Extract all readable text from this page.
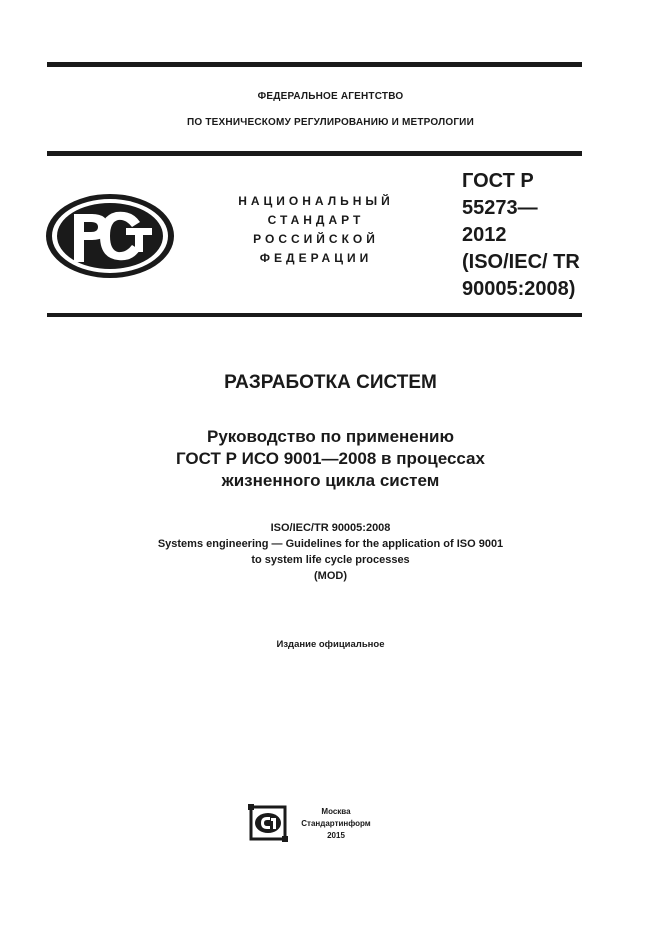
ФЕДЕРАЛЬНОЕ АГЕНТСТВО
ПО ТЕХНИЧЕСКОМУ РЕГУЛИРОВАНИЮ И МЕТРОЛОГИИ
НАЦИОНАЛЬНЫЙ
СТАНДАРТ
РОССИЙСКОЙ
ФЕДЕРАЦИИ
ГОСТ Р
55273—
2012
(ISO/IEC/ TR
90005:2008)
РАЗРАБОТКА СИСТЕМ
Руководство по применению
ГОСТ Р ИСО 9001—2008 в процессах
жизненного цикла систем
ISO/IEC/TR 90005:2008
Systems engineering — Guidelines for the application of ISO 9001
to system life cycle processes
(MOD)
Издание официальное
Москва
Стандартинформ
2015
